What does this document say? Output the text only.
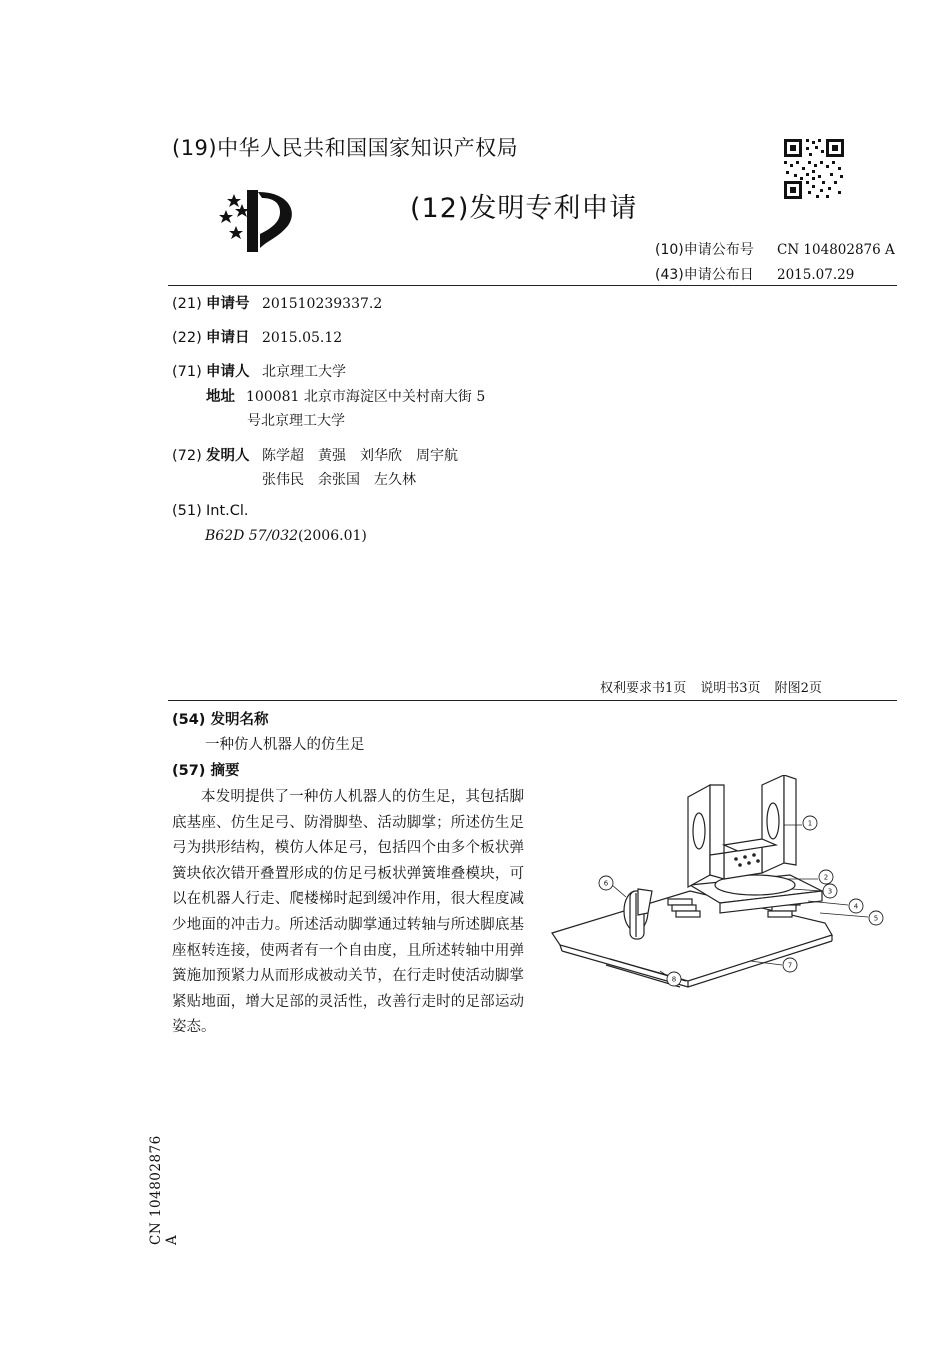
(19)中华人民共和国国家知识产权局
(12)发明专利申请
(10)申请公布号 CN 104802876 A
(43)申请公布日 2015.07.29
(21) 申请号 201510239337.2
(22) 申请日 2015.05.12
(71) 申请人 北京理工大学
地址 100081 北京市海淀区中关村南大街 5
号北京理工大学
(72) 发明人 陈学超　黄强　刘华欣　周宇航
张伟民　余张国　左久林
(51) Int.Cl.
B62D 57/032(2006.01)
权利要求书1页 说明书3页 附图2页
(54) 发明名称
一种仿人机器人的仿生足
(57) 摘要
本发明提供了一种仿人机器人的仿生足，其包括脚底基座、仿生足弓、防滑脚垫、活动脚掌；所述仿生足弓为拱形结构，模仿人体足弓，包括四个由多个板状弹簧块依次错开叠置形成的仿足弓板状弹簧堆叠模块，可以在机器人行走、爬楼梯时起到缓冲作用，很大程度减少地面的冲击力。所述活动脚掌通过转轴与所述脚底基座枢转连接，使两者有一个自由度，且所述转轴中用弹簧施加预紧力从而形成被动关节，在行走时使活动脚掌紧贴地面，增大足部的灵活性，改善行走时的足部运动姿态。
1
2
3
4
5
6
7
8
CN 104802876 A
